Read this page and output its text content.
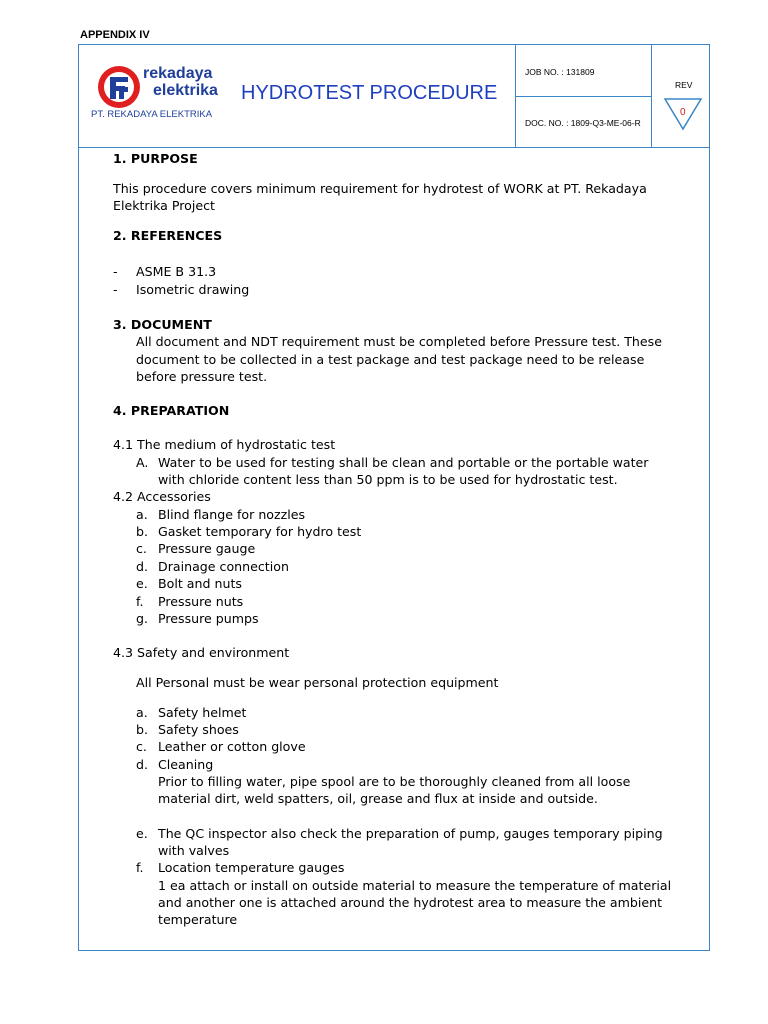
APPENDIX IV
rekadaya
elektrika
PT. REKADAYA ELEKTRIKA
HYDROTEST PROCEDURE
JOB NO. : 131809
DOC. NO. : 1809-Q3-ME-06-R
REV
0
1. PURPOSE
This procedure covers minimum requirement for hydrotest of WORK at PT. Rekadaya
Elektrika Project
2. REFERENCES
- ASME B 31.3
- Isometric drawing
3. DOCUMENT
All document and NDT requirement must be completed before Pressure test. These
document to be collected in a test package and test package need to be release
before pressure test.
4. PREPARATION
4.1 The medium of hydrostatic test
A. Water to be used for testing shall be clean and portable or the portable water
with chloride content less than 50 ppm is to be used for hydrostatic test.
4.2 Accessories
a. Blind flange for nozzles
b. Gasket temporary for hydro test
c. Pressure gauge
d. Drainage connection
e. Bolt and nuts
f. Pressure nuts
g. Pressure pumps
4.3 Safety and environment
All Personal must be wear personal protection equipment
a. Safety helmet
b. Safety shoes
c. Leather or cotton glove
d. Cleaning
Prior to filling water, pipe spool are to be thoroughly cleaned from all loose
material dirt, weld spatters, oil, grease and flux at inside and outside.
e. The QC inspector also check the preparation of pump, gauges temporary piping
with valves
f. Location temperature gauges
1 ea attach or install on outside material to measure the temperature of material
and another one is attached around the hydrotest area to measure the ambient
temperature
